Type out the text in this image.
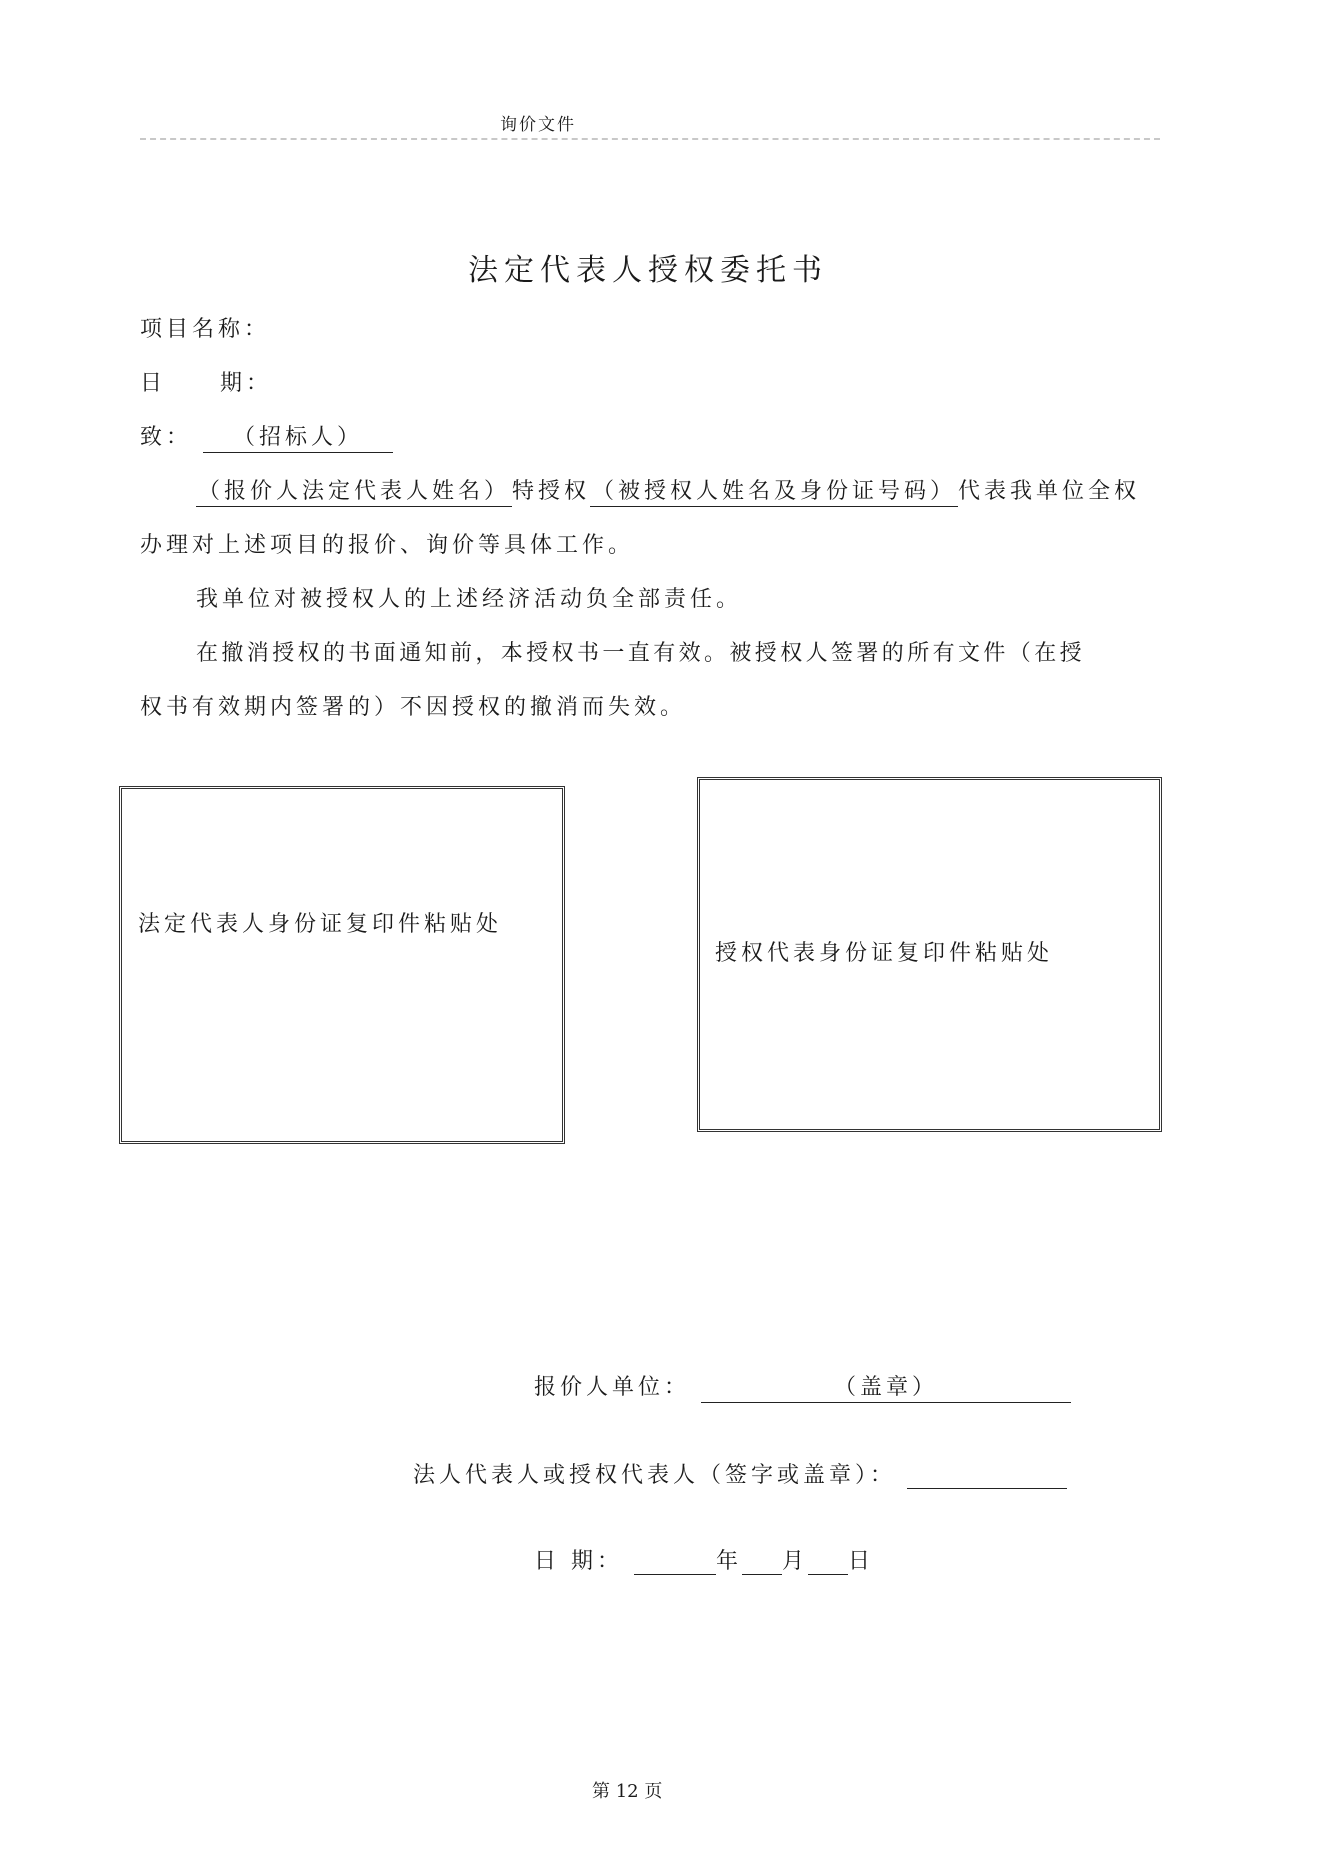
询价文件
法定代表人授权委托书
项目名称：
日 期：
致： （招标人）
（报价人法定代表人姓名）特授权（被授权人姓名及身份证号码）代表我单位全权
办理对上述项目的报价、询价等具体工作。
我单位对被授权人的上述经济活动负全部责任。
在撤消授权的书面通知前，本授权书一直有效。被授权人签署的所有文件（在授
权书有效期内签署的）不因授权的撤消而失效。
法定代表人身份证复印件粘贴处
授权代表身份证复印件粘贴处
报价人单位：	（盖章）
法人代表人或授权代表人（签字或盖章）：
日 期：	年 月 日
第 12 页
